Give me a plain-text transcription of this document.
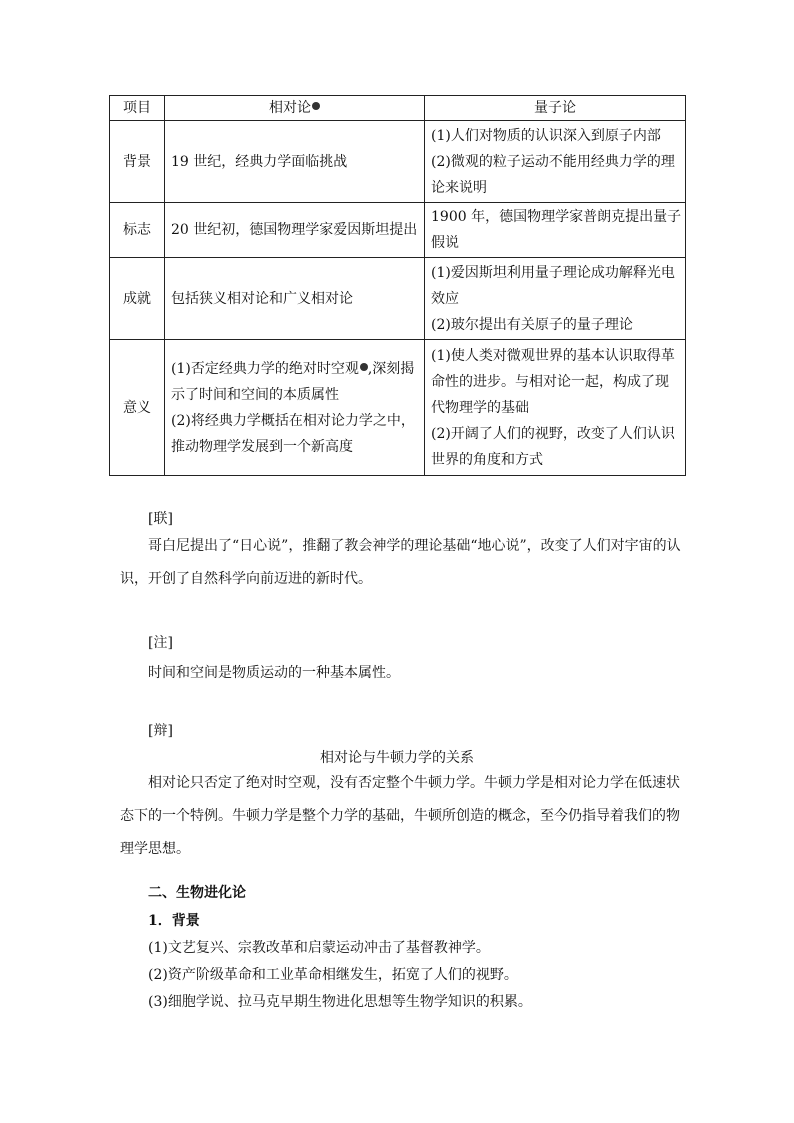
项目	相对论	量子论
背景	19 世纪，经典力学面临挑战	(1)人们对物质的认识深入到原子内部
(2)微观的粒子运动不能用经典力学的理
论来说明

标志	20 世纪初，德国物理学家爱因斯坦提出	1900 年，德国物理学家普朗克提出量子
假说

成就	包括狭义相对论和广义相对论	(1)爱因斯坦利用量子理论成功解释光电
效应
(2)玻尔提出有关原子的量子理论

意义	(1)否定经典力学的绝对时空观 ,深刻揭
示了时间和空间的本质属性
(2)将经典力学概括在相对论力学之中，
推动物理学发展到一个新高度	(1)使人类对微观世界的基本认识取得革
命性的进步。与相对论一起，构成了现
代物理学的基础
(2)开阔了人们的视野，改变了人们认识
世界的角度和方式
[联]

哥白尼提出了“日心说”，推翻了教会神学的理论基础“地心说”，改变了人们对宇宙的认识，开创了自然科学向前迈进的新时代。

[注]
时间和空间是物质运动的一种基本属性。
[辩]
相对论与牛顿力学的关系

相对论只否定了绝对时空观，没有否定整个牛顿力学。牛顿力学是相对论力学在低速状态下的一个特例。牛顿力学是整个力学的基础，牛顿所创造的概念，至今仍指导着我们的物理学思想。

二、生物进化论
1．背景
(1)文艺复兴、宗教改革和启蒙运动冲击了基督教神学。
(2)资产阶级革命和工业革命相继发生，拓宽了人们的视野。
(3)细胞学说、拉马克早期生物进化思想等生物学知识的积累。
